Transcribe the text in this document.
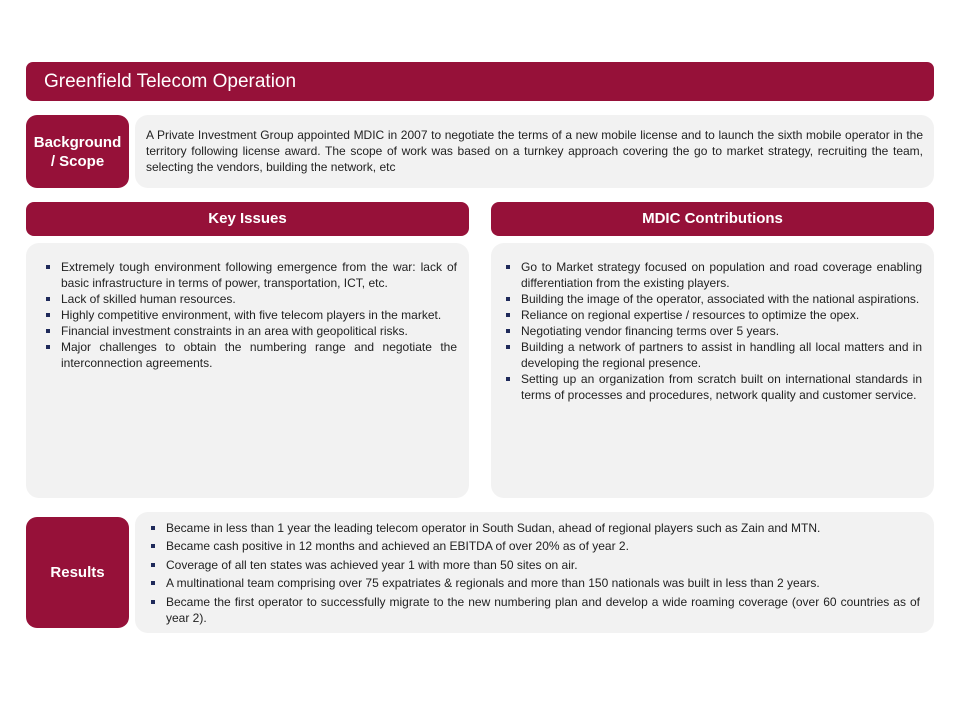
Greenfield Telecom Operation
Background / Scope
A Private Investment Group appointed MDIC in 2007 to negotiate the terms of a new mobile license and to launch the sixth mobile operator in the territory following license award. The scope of work was based on a turnkey approach covering the go to market strategy, recruiting the team, selecting the vendors, building the network, etc
Key Issues
Extremely tough environment following emergence from the war: lack of basic infrastructure in terms of power, transportation, ICT, etc.
Lack of skilled human resources.
Highly competitive environment, with five telecom players in the market.
Financial investment constraints in an area with geopolitical risks.
Major challenges to obtain the numbering range and negotiate the interconnection agreements.
MDIC Contributions
Go to Market strategy focused on population and road coverage enabling differentiation from the existing players.
Building the image of the operator, associated with the national aspirations.
Reliance on regional expertise / resources to optimize the opex.
Negotiating vendor financing terms over 5 years.
Building a network of partners to assist in handling all local matters and in developing the regional presence.
Setting up an organization from scratch built on international standards in terms of processes and procedures, network quality and customer service.
Results
Became in less than 1 year the leading telecom operator in South Sudan, ahead of regional players such as Zain and MTN.
Became cash positive in 12 months and achieved an EBITDA of over 20% as of year 2.
Coverage of all ten states was achieved year 1 with more than 50 sites on air.
A multinational team comprising over 75 expatriates & regionals and more than 150 nationals was built in less than 2 years.
Became the first operator to successfully migrate to the new numbering plan and develop a wide roaming coverage (over 60 countries as of year 2).
